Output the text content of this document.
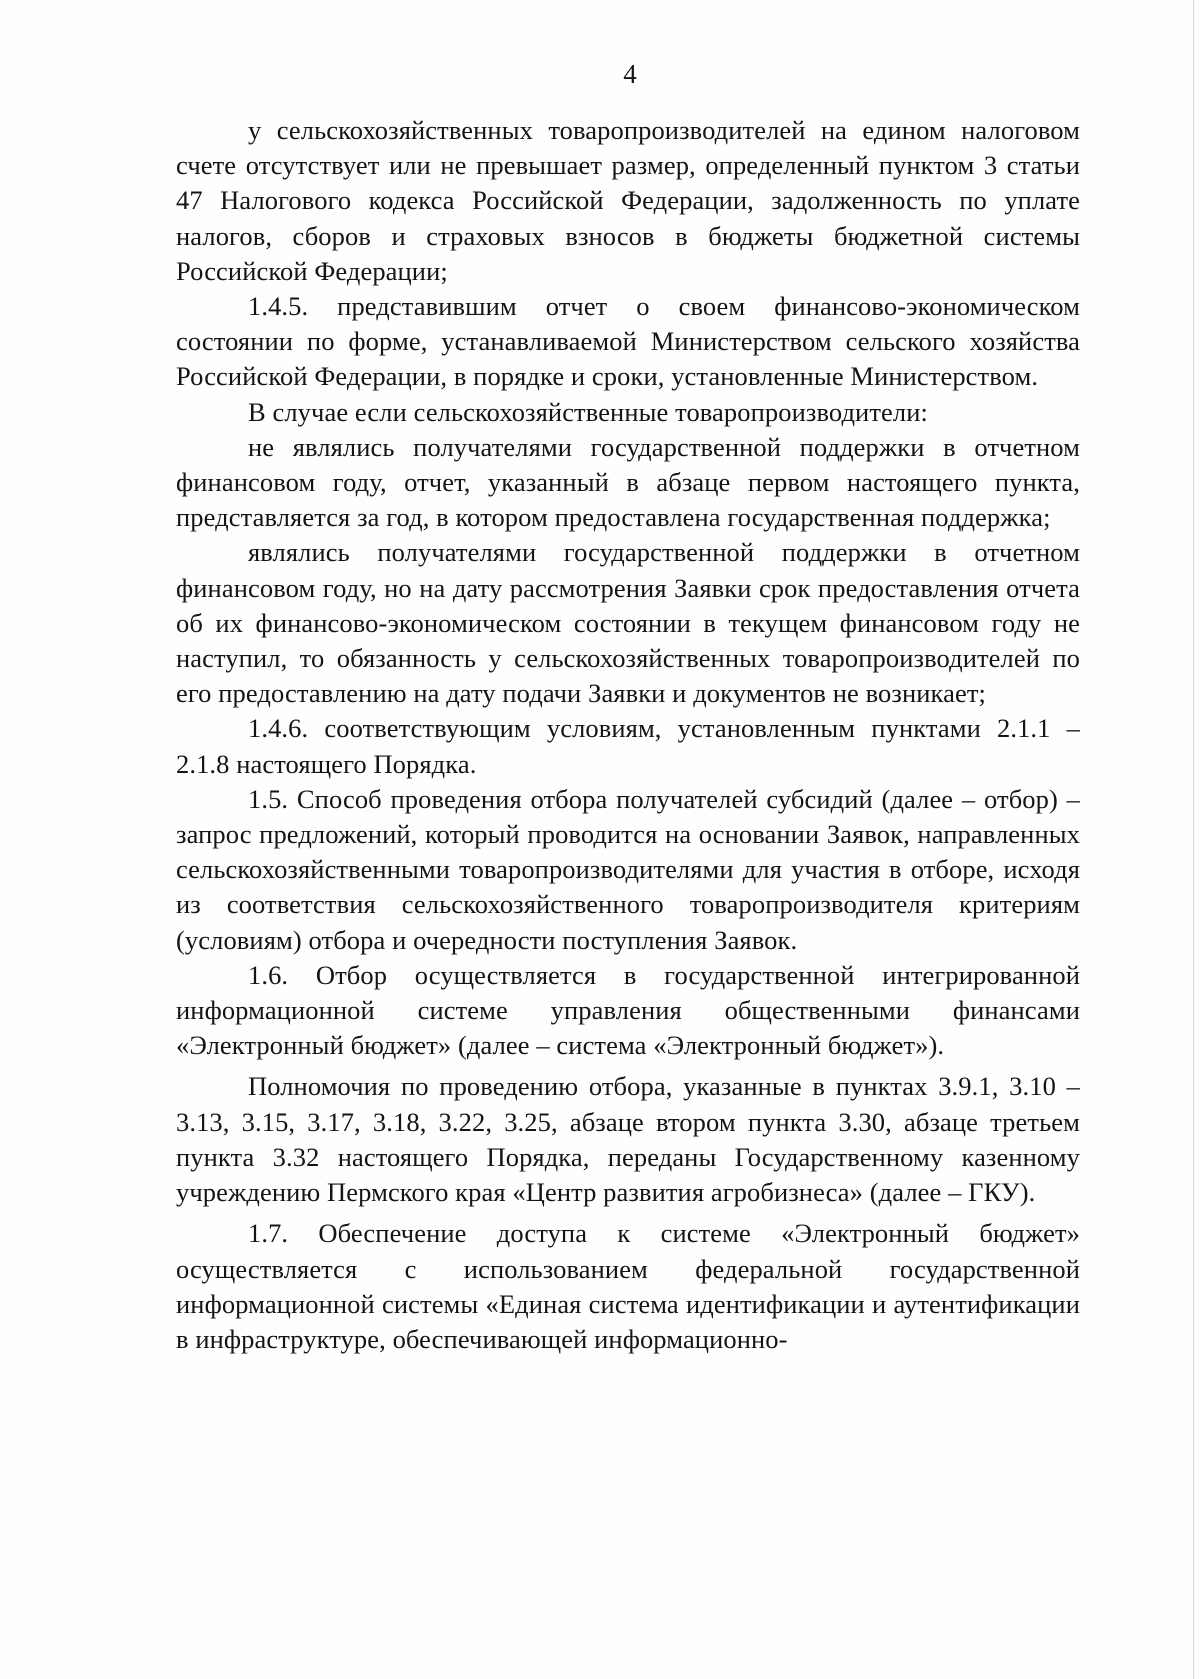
4

у сельскохозяйственных товаропроизводителей на едином налоговом счете отсутствует или не превышает размер, определенный пунктом 3 статьи 47 Налогового кодекса Российской Федерации, задолженность по уплате налогов, сборов и страховых взносов в бюджеты бюджетной системы Российской Федерации;

1.4.5. представившим отчет о своем финансово-экономическом состоянии по форме, устанавливаемой Министерством сельского хозяйства Российской Федерации, в порядке и сроки, установленные Министерством.

В случае если сельскохозяйственные товаропроизводители:

не являлись получателями государственной поддержки в отчетном финансовом году, отчет, указанный в абзаце первом настоящего пункта, представляется за год, в котором предоставлена государственная поддержка;

являлись получателями государственной поддержки в отчетном финансовом году, но на дату рассмотрения Заявки срок предоставления отчета об их финансово-экономическом состоянии в текущем финансовом году не наступил, то обязанность у сельскохозяйственных товаропроизводителей по его предоставлению на дату подачи Заявки и документов не возникает;

1.4.6. соответствующим условиям, установленным пунктами 2.1.1 – 2.1.8 настоящего Порядка.

1.5. Способ проведения отбора получателей субсидий (далее – отбор) – запрос предложений, который проводится на основании Заявок, направленных сельскохозяйственными товаропроизводителями для участия в отборе, исходя из соответствия сельскохозяйственного товаропроизводителя критериям (условиям) отбора и очередности поступления Заявок.

1.6. Отбор осуществляется в государственной интегрированной информационной системе управления общественными финансами «Электронный бюджет» (далее – система «Электронный бюджет»).

Полномочия по проведению отбора, указанные в пунктах 3.9.1, 3.10 – 3.13, 3.15, 3.17, 3.18, 3.22, 3.25, абзаце втором пункта 3.30, абзаце третьем пункта 3.32 настоящего Порядка, переданы Государственному казенному учреждению Пермского края «Центр развития агробизнеса» (далее – ГКУ).

1.7. Обеспечение доступа к системе «Электронный бюджет» осуществляется с использованием федеральной государственной информационной системы «Единая система идентификации и аутентификации в инфраструктуре, обеспечивающей информационно-
